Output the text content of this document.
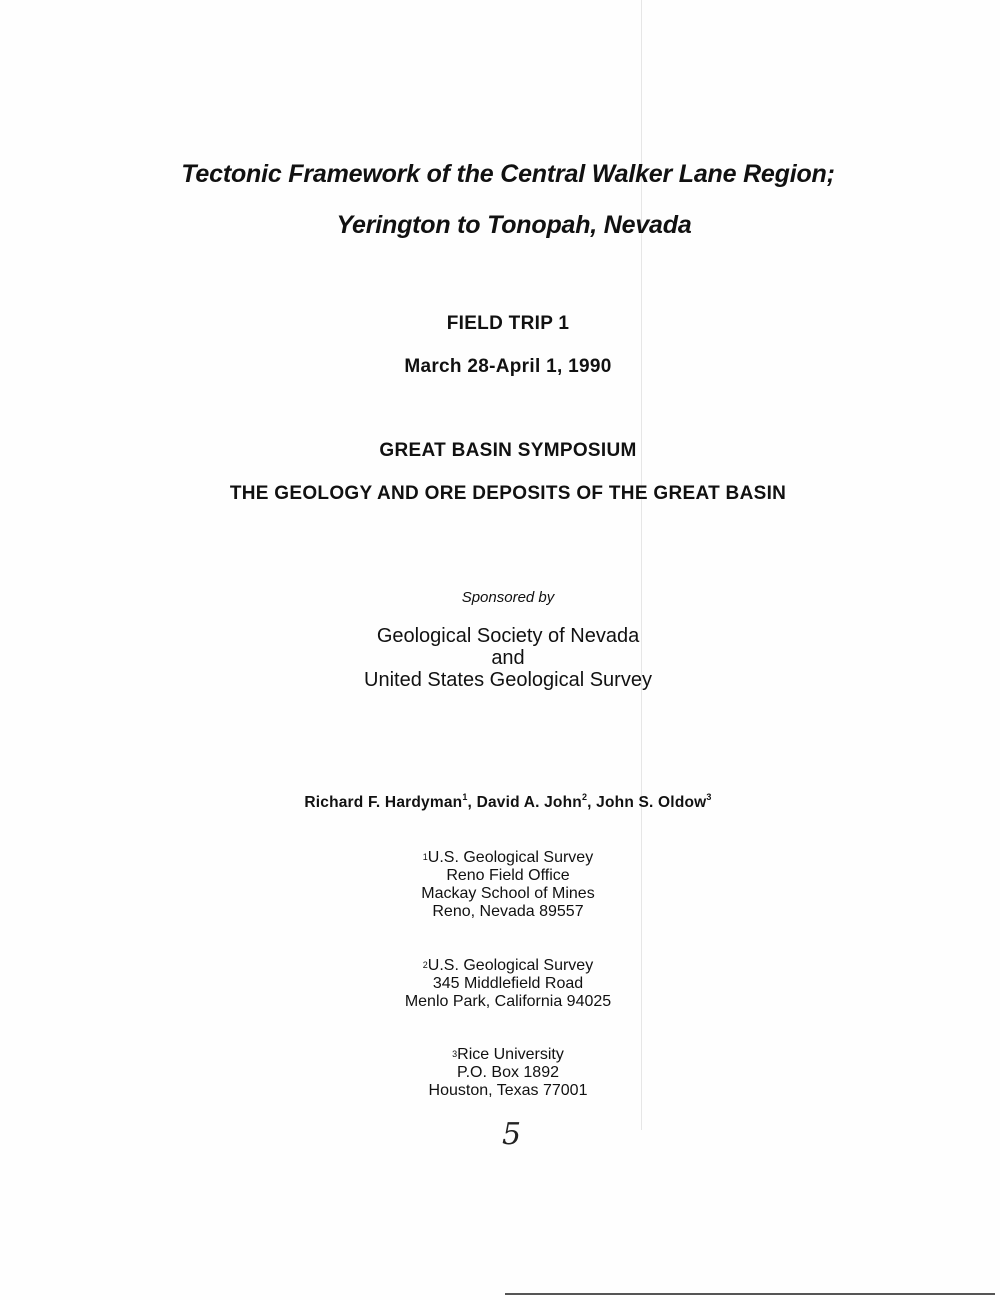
Tectonic Framework of the Central Walker Lane Region;
Yerington to Tonopah, Nevada
FIELD TRIP 1
March 28-April 1, 1990
GREAT BASIN SYMPOSIUM
THE GEOLOGY AND ORE DEPOSITS OF THE GREAT BASIN
Sponsored by
Geological Society of Nevada
and
United States Geological Survey
Richard F. Hardyman$^1$, David A. John$^2$, John S. Oldow$^3$
$^1$U.S. Geological Survey
Reno Field Office
Mackay School of Mines
Reno, Nevada 89557
$^2$U.S. Geological Survey
345 Middlefield Road
Menlo Park, California 94025
$^3$Rice University
P.O. Box 1892
Houston, Texas 77001
5
